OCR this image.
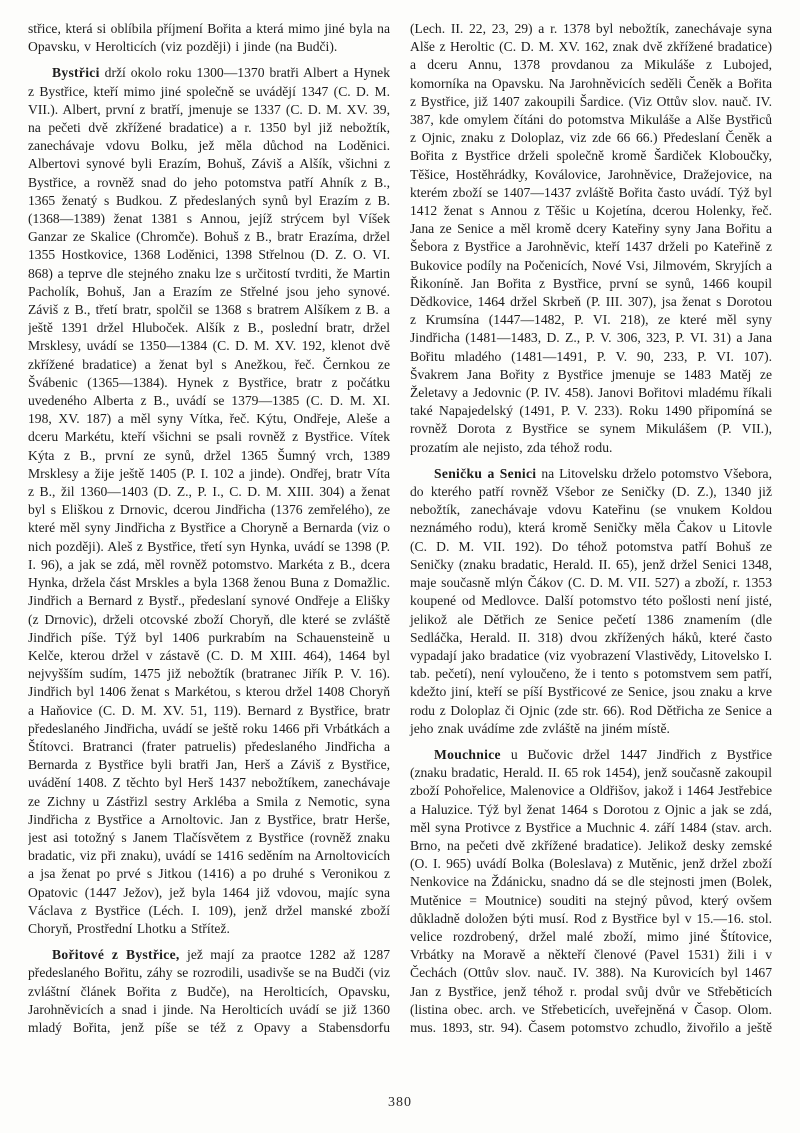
střice, která si oblíbila příjmení Bořita a která mimo jiné byla na Opavsku, v Herolticích (viz později) i jinde (na Budči).

Bystřici drží okolo roku 1300—1370 bratři Albert a Hynek z Bystřice, kteří mimo jiné společně se uvádějí 1347 (C. D. M. VII.). Albert, první z bratří, jmenuje se 1337 (C. D. M. XV. 39, na pečeti dvě zkřížené bradatice) a r. 1350 byl již nebožtík, zanechávaje vdovu Bolku, jež měla důchod na Loděnici. Albertovi synové byli Erazím, Bohuš, Záviš a Alšík, všichni z Bystřice, a rovněž snad do jeho potomstva patří Ahník z B., 1365 ženatý s Budkou. Z předeslaných synů byl Erazím z B. (1368—1389) ženat 1381 s Annou, jejíž strýcem byl Víšek Ganzar ze Skalice (Chromče). Bohuš z B., bratr Erazíma, držel 1355 Hostkovice, 1368 Loděnici, 1398 Střelnou (D. Z. O. VI. 868) a teprve dle stejného znaku lze s určitostí tvrditi, že Martin Pacholík, Bohuš, Jan a Erazím ze Střelné jsou jeho synové. Záviš z B., třetí bratr, spolčil se 1368 s bratrem Alšíkem z B. a ještě 1391 držel Hluboček. Alšík z B., poslední bratr, držel Mrsklesy, uvádí se 1350—1384 (C. D. M. XV. 192, klenot dvě zkřížené bradatice) a ženat byl s Anežkou, řeč. Černkou ze Švábenic (1365—1384). Hynek z Bystřice, bratr z počátku uvedeného Alberta z B., uvádí se 1379—1385 (C. D. M. XI. 198, XV. 187) a měl syny Vítka, řeč. Kýtu, Ondřeje, Aleše a dceru Markétu, kteří všichni se psali rovněž z Bystřice. Vítek Kýta z B., první ze synů, držel 1365 Šumný vrch, 1389 Mrsklesy a žije ještě 1405 (P. I. 102 a jinde). Ondřej, bratr Víta z B., žil 1360—1403 (D. Z., P. I., C. D. M. XIII. 304) a ženat byl s Eliškou z Drnovic, dcerou Jindřicha (1376 zemřelého), ze které měl syny Jindřicha z Bystřice a Choryně a Bernarda (viz o nich později). Aleš z Bystřice, třetí syn Hynka, uvádí se 1398 (P. I. 96), a jak se zdá, měl rovněž potomstvo. Markéta z B., dcera Hynka, držela část Mrskles a byla 1368 ženou Buna z Domažlic. Jindřich a Bernard z Bystř., předeslaní synové Ondřeje a Elišky (z Drnovic), drželi otcovské zboží Choryň, dle které se zvláště Jindřich píše. Týž byl 1406 purkrabím na Schauensteině u Kelče, kterou držel v zástavě (C. D. M XIII. 464), 1464 byl nejvyšším sudím, 1475 již nebožtík (bratranec Jiřík P. V. 16). Jindřich byl 1406 ženat s Markétou, s kterou držel 1408 Choryň a Haňovice (C. D. M. XV. 51, 119). Bernard z Bystřice, bratr předeslaného Jindřicha, uvádí se ještě roku 1466 při Vrbátkách a Štítovci. Bratranci (frater patruelis) předeslaného Jindřicha a Bernarda z Bystřice byli bratři Jan, Herš a Záviš z Bystřice, uvádění 1408. Z těchto byl Herš 1437 nebožtíkem, zanechávaje ze Zichny u Zástřizl sestry Arkléba a Smila z Nemotic, syna Jindřicha z Bystřice a Arnoltovic. Jan z Bystřice, bratr Herše, jest asi totožný s Janem Tlačísvětem z Bystřice (rovněž znaku bradatic, viz při znaku), uvádí se 1416 seděním na Arnoltovicích a jsa ženat po prvé s Jitkou (1416) a po druhé s Veronikou z Opatovic (1447 Ježov), jež byla 1464 již vdovou, majíc syna Václava z Bystřice (Léch. I. 109), jenž držel manské zboží Choryň, Prostřední Lhotku a Střítež.

Bořitové z Bystřice, jež mají za praotce 1282 až 1287 předeslaného Bořitu, záhy se rozrodili, usadivše se na Budči (viz zvláštní článek Bořita z Budče), na Herolticích, Opavsku, Jarohněvicích a snad i jinde. Na Herolticích uvádí se již 1360 mladý Bořita, jenž píše se též z Opavy a Stabensdorfu

(Lech. II. 22, 23, 29) a r. 1378 byl nebožtík, zanechávaje syna Alše z Heroltic (C. D. M. XV. 162, znak dvě zkřížené bradatice) a dceru Annu, 1378 provdanou za Mikuláše z Lubojed, komorníka na Opavsku. Na Jarohněvicích seděli Čeněk a Bořita z Bystřice, již 1407 zakoupili Šardice. (Viz Ottův slov. nauč. IV. 387, kde omylem čítáni do potomstva Mikuláše a Alše Bystřiců z Ojnic, znaku z Doloplaz, viz zde 66 66.) Předeslaní Čeněk a Bořita z Bystřice drželi společně kromě Šardiček Kloboučky, Těšice, Hostěhrádky, Koválovice, Jarohněvice, Dražejovice, na kterém zboží se 1407—1437 zvláště Bořita často uvádí. Týž byl 1412 ženat s Annou z Těšic u Kojetína, dcerou Holenky, řeč. Jana ze Senice a měl kromě dcery Kateřiny syny Jana Bořitu a Šebora z Bystřice a Jarohněvic, kteří 1437 drželi po Kateřině z Bukovice podíly na Počenicích, Nové Vsi, Jilmovém, Skryjích a Řikoníně. Jan Bořita z Bystřice, první se synů, 1466 koupil Dědkovice, 1464 držel Skrbeň (P. III. 307), jsa ženat s Dorotou z Krumsína (1447—1482, P. VI. 218), ze které měl syny Jindřicha (1481—1483, D. Z., P. V. 306, 323, P. VI. 31) a Jana Bořitu mladého (1481—1491, P. V. 90, 233, P. VI. 107). Švakrem Jana Bořity z Bystřice jmenuje se 1483 Matěj ze Želetavy a Jedovnic (P. IV. 458). Janovi Bořitovi mladému říkali také Napajedelský (1491, P. V. 233). Roku 1490 připomíná se rovněž Dorota z Bystřice se synem Mikulášem (P. VII.), prozatím ale nejisto, zda téhož rodu.

Seničku a Senici na Litovelsku drželo potomstvo Všebora, do kterého patří rovněž Všebor ze Seničky (D. Z.), 1340 již nebožtík, zanechávaje vdovu Kateřinu (se vnukem Koldou neznámého rodu), která kromě Seničky měla Čakov u Litovle (C. D. M. VII. 192). Do téhož potomstva patří Bohuš ze Seničky (znaku bradatic, Herald. II. 65), jenž držel Senici 1348, maje současně mlýn Čákov (C. D. M. VII. 527) a zboží, r. 1353 koupené od Medlovce. Další potomstvo této pošlosti není jisté, jelikož ale Dětřich ze Senice pečetí 1386 znamením (dle Sedláčka, Herald. II. 318) dvou zkřížených háků, které často vypadají jako bradatice (viz vyobrazení Vlastivědy, Litovelsko I. tab. pečetí), není vyloučeno, že i tento s potomstvem sem patří, kdežto jiní, kteří se píší Bystřicové ze Senice, jsou znaku a krve rodu z Doloplaz či Ojnic (zde str. 66). Rod Dětřicha ze Senice a jeho znak uvádíme zde zvláště na jiném místě.

Mouchnice u Bučovic držel 1447 Jindřich z Bystřice (znaku bradatic, Herald. II. 65 rok 1454), jenž současně zakoupil zboží Pohořelice, Malenovice a Oldřišov, jakož i 1464 Jestřebice a Haluzice. Týž byl ženat 1464 s Dorotou z Ojnic a jak se zdá, měl syna Protivce z Bystřice a Muchnic 4. září 1484 (stav. arch. Brno, na pečeti dvě zkřížené bradatice). Jelikož desky zemské (O. I. 965) uvádí Bolka (Boleslava) z Mutěnic, jenž držel zboží Nenkovice na Ždánicku, snadno dá se dle stejnosti jmen (Bolek, Mutěnice = Moutnice) souditi na stejný původ, který ovšem důkladně doložen býti musí. Rod z Bystřice byl v 15.—16. stol. velice rozdrobený, držel malé zboží, mimo jiné Štítovice, Vrbátky na Moravě a někteří členové (Pavel 1531) žili i v Čechách (Ottův slov. nauč. IV. 388). Na Kurovicích byl 1467 Jan z Bystřice, jenž téhož r. prodal svůj dvůr ve Střeběticích (listina obec. arch. ve Střebeticích, uveřejněná v Časop. Olom. mus. 1893, str. 94). Časem potomstvo zchudlo, živořilo a ještě

380
